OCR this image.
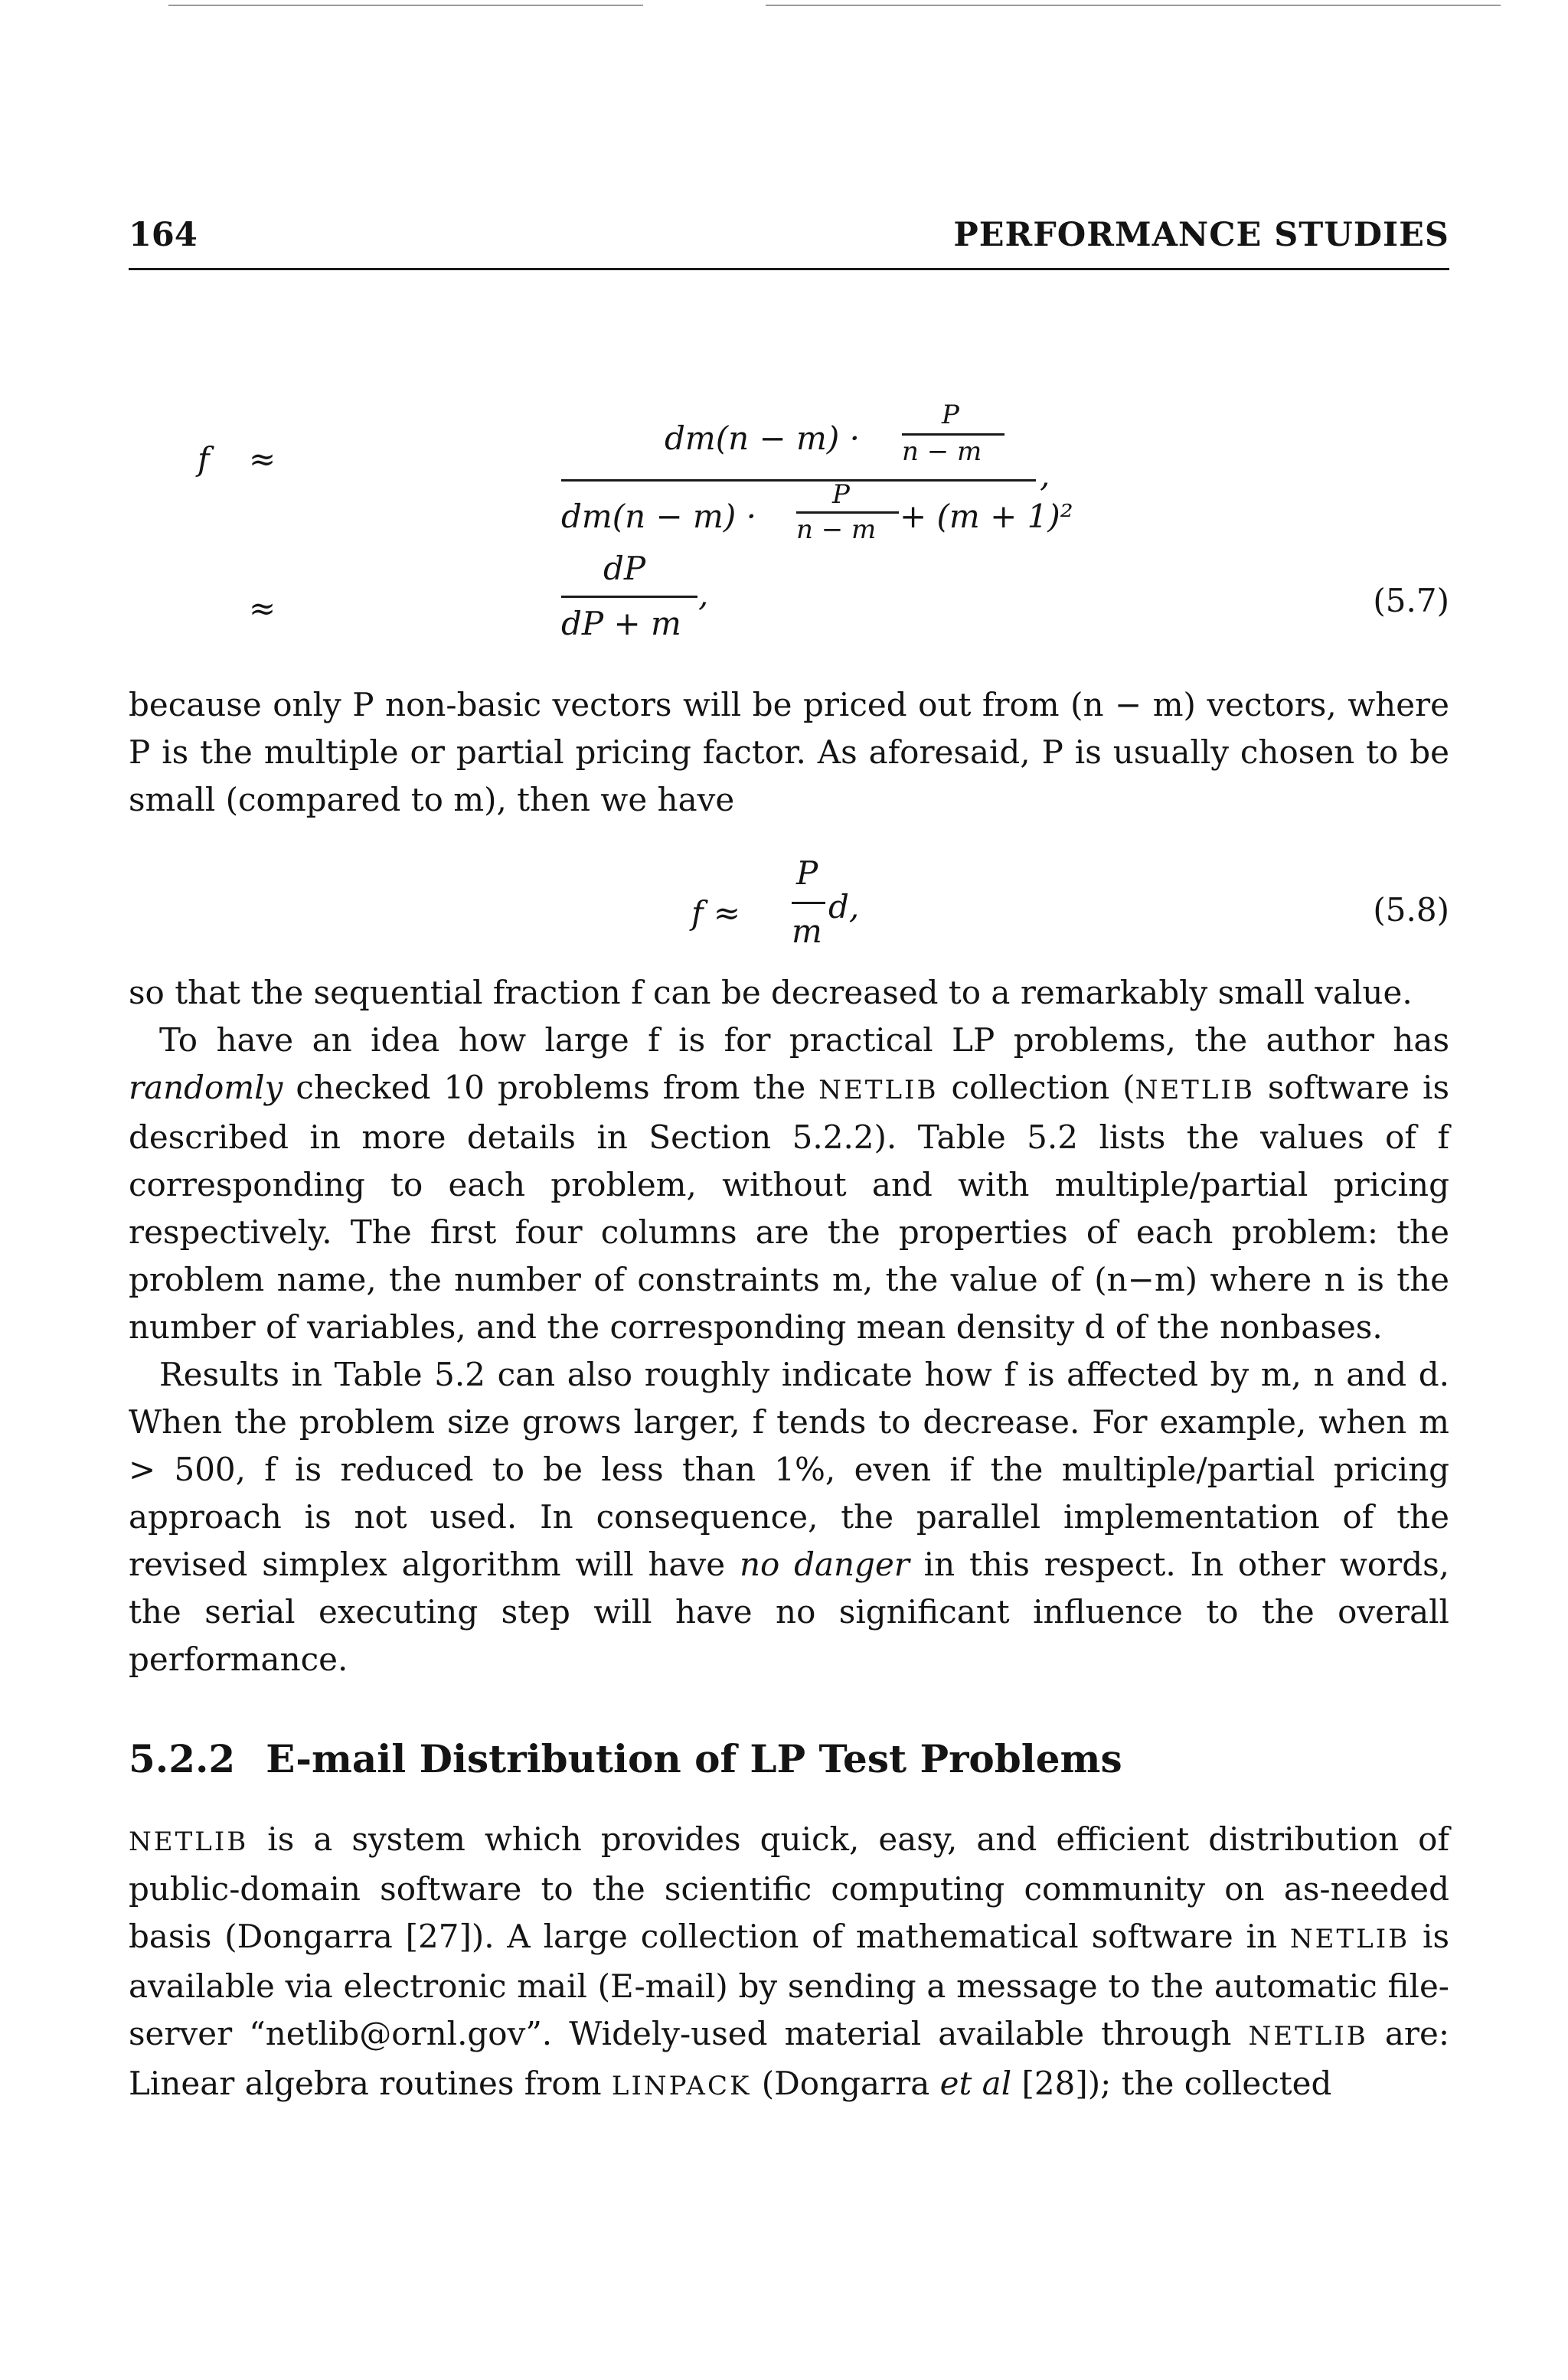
164	PERFORMANCE STUDIES
f ≈
dm(n − m) ·
P
n − m
,
dm(n − m) ·
P
n − m + (m + 1)²
≈
dP
dP + m
,	(5.7)

because only P non-basic vectors will be priced out from (n − m) vectors, where P is the multiple or partial pricing factor. As aforesaid, P is usually chosen to be small (compared to m), then we have

f ≈
P
m
d,	(5.8)

so that the sequential fraction f can be decreased to a remarkably small value.

To have an idea how large f is for practical LP problems, the author has randomly checked 10 problems from the NETLIB collection (NETLIB software is described in more details in Section 5.2.2). Table 5.2 lists the values of f corresponding to each problem, without and with multiple/partial pricing respectively. The first four columns are the properties of each problem: the problem name, the number of constraints m, the value of (n−m) where n is the number of variables, and the corresponding mean density d of the nonbases.

Results in Table 5.2 can also roughly indicate how f is affected by m, n and d. When the problem size grows larger, f tends to decrease. For example, when m > 500, f is reduced to be less than 1%, even if the multiple/partial pricing approach is not used. In consequence, the parallel implementation of the revised simplex algorithm will have no danger in this respect. In other words, the serial executing step will have no significant influence to the overall performance.

5.2.2 E-mail Distribution of LP Test Problems

NETLIB is a system which provides quick, easy, and efficient distribution of public-domain software to the scientific computing community on as-needed basis (Dongarra [27]). A large collection of mathematical software in NETLIB is available via electronic mail (E-mail) by sending a message to the automatic file-server “netlib@ornl.gov”. Widely-used material available through NETLIB are: Linear algebra routines from LINPACK (Dongarra et al [28]); the collected
